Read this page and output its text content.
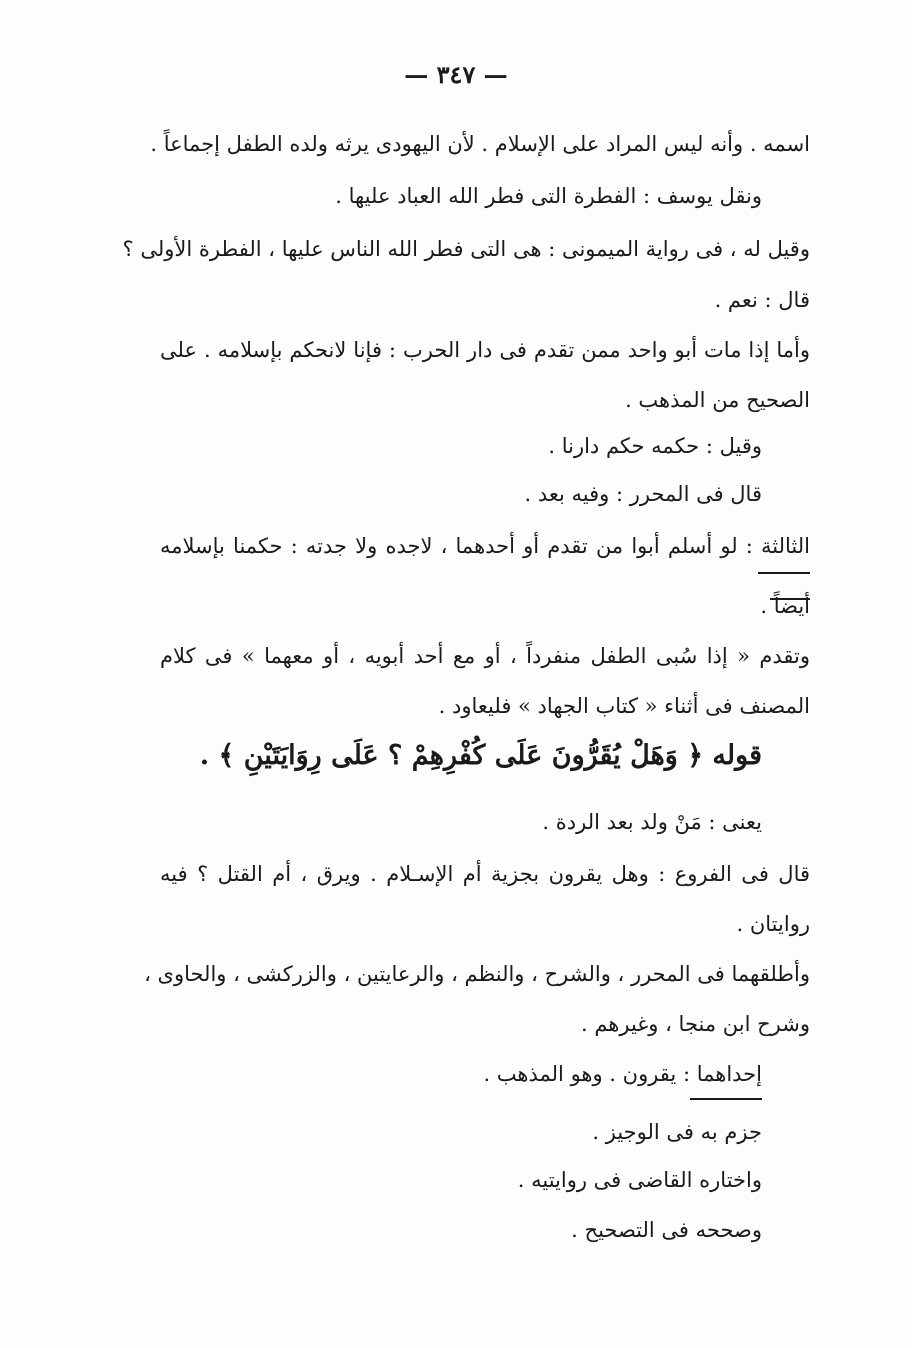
— ٣٤٧ —
اسمه . وأنه ليس المراد على الإسلام . لأن اليهودى يرثه ولده الطفل إجماعاً .
ونقل يوسف : الفطرة التى فطر الله العباد عليها .
وقيل له ، فى رواية الميمونى : هى التى فطر الله الناس عليها ، الفطرة الأولى ؟
قال : نعم .
وأما إذا مات أبو واحد ممن تقدم فى دار الحرب : فإنا لانحكم بإسلامه . على
الصحيح من المذهب .
وقيل : حكمه حكم دارنا .
قال فى المحرر : وفيه بعد .
الثالثة : لو أسلم أبوا من تقدم أو أحدهما ، لاجده ولا جدته : حكمنا بإسلامه
أيضاً .
وتقدم « إذا سُبى الطفل منفرداً ، أو مع أحد أبويه ، أو معهما » فى كلام
المصنف فى أثناء « كتاب الجهاد » فليعاود .
قوله ﴿ وَهَلْ يُقَرُّونَ عَلَى كُفْرِهِمْ ؟ عَلَى رِوَايَتَيْنِ ﴾ .
يعنى : مَنْ ولد بعد الردة .
قال فى الفروع : وهل يقرون بجزية أم الإسـلام . ويرق ، أم القتل ؟ فيه
روايتان .
وأطلقهما فى المحرر ، والشرح ، والنظم ، والرعايتين ، والزركشى ، والحاوى ،
وشرح ابن منجا ، وغيرهم .
إحداهما : يقرون . وهو المذهب .
جزم به فى الوجيز .
واختاره القاضى فى روايتيه .
وصححه فى التصحيح .
